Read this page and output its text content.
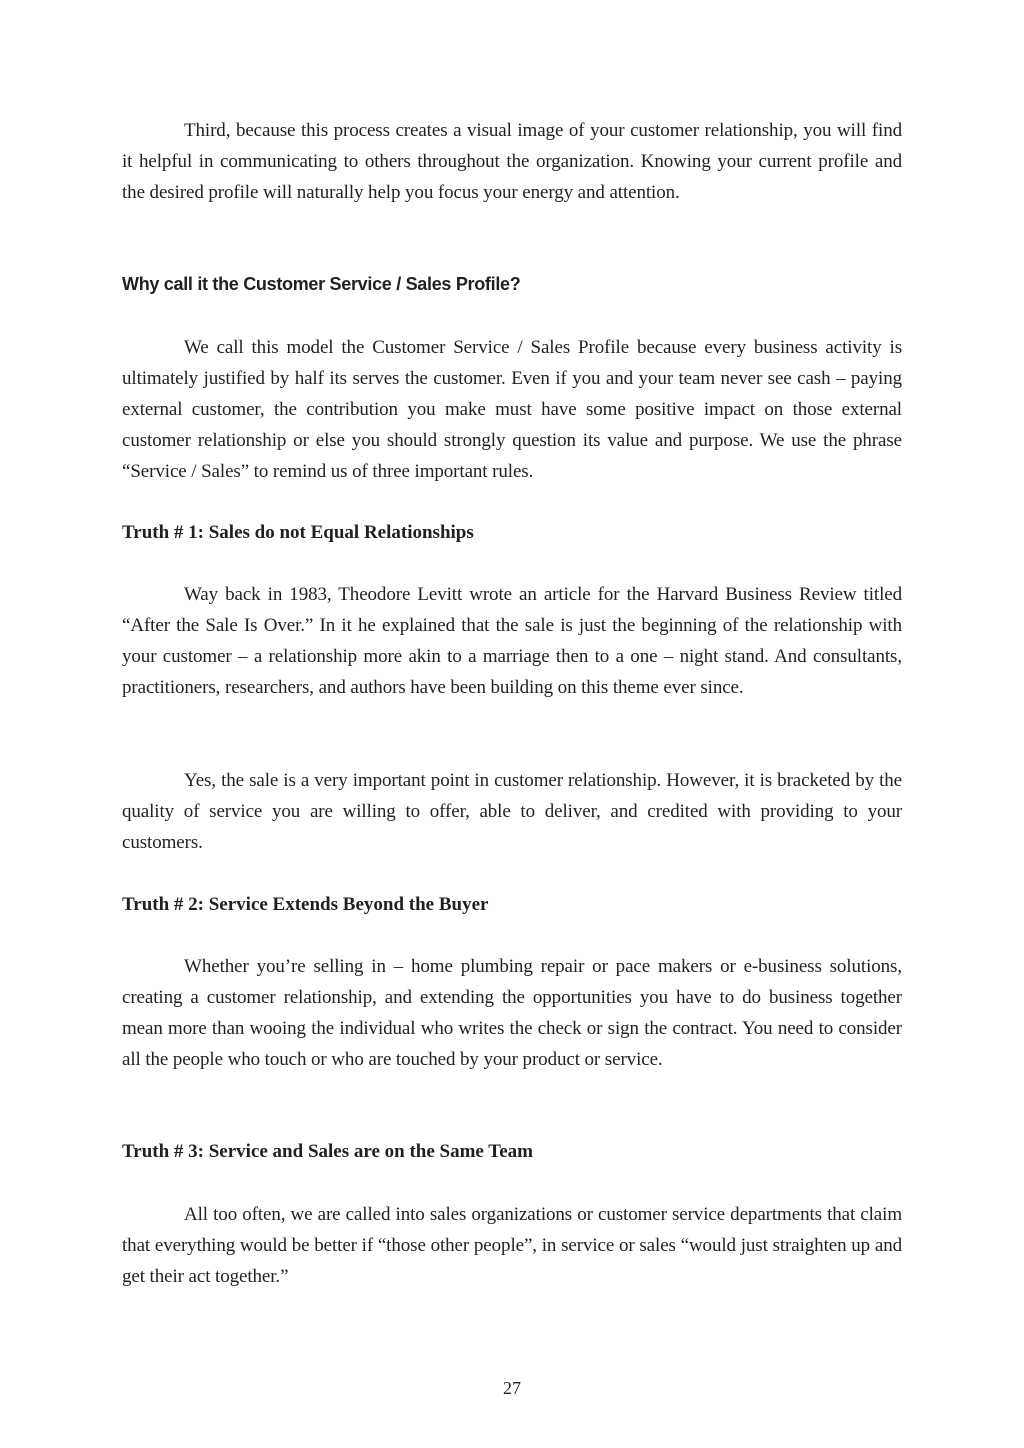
Third, because this process creates a visual image of your customer relationship, you will find it helpful in communicating to others throughout the organization. Knowing your current profile and the desired profile will naturally help you focus your energy and attention.

Why call it the Customer Service / Sales Profile?

We call this model the Customer Service / Sales Profile because every business activity is ultimately justified by half its serves the customer. Even if you and your team never see cash – paying external customer, the contribution you make must have some positive impact on those external customer relationship or else you should strongly question its value and purpose. We use the phrase “Service / Sales” to remind us of three important rules.

Truth # 1: Sales do not Equal Relationships

Way back in 1983, Theodore Levitt wrote an article for the Harvard Business Review titled “After the Sale Is Over.” In it he explained that the sale is just the beginning of the relationship with your customer – a relationship more akin to a marriage then to a one – night stand. And consultants, practitioners, researchers, and authors have been building on this theme ever since.

Yes, the sale is a very important point in customer relationship. However, it is bracketed by the quality of service you are willing to offer, able to deliver, and credited with providing to your customers.

Truth # 2: Service Extends Beyond the Buyer

Whether you’re selling in – home plumbing repair or pace makers or e-business solutions, creating a customer relationship, and extending the opportunities you have to do business together mean more than wooing the individual who writes the check or sign the contract. You need to consider all the people who touch or who are touched by your product or service.

Truth # 3: Service and Sales are on the Same Team

All too often, we are called into sales organizations or customer service departments that claim that everything would be better if “those other people”, in service or sales “would just straighten up and get their act together.”

27
